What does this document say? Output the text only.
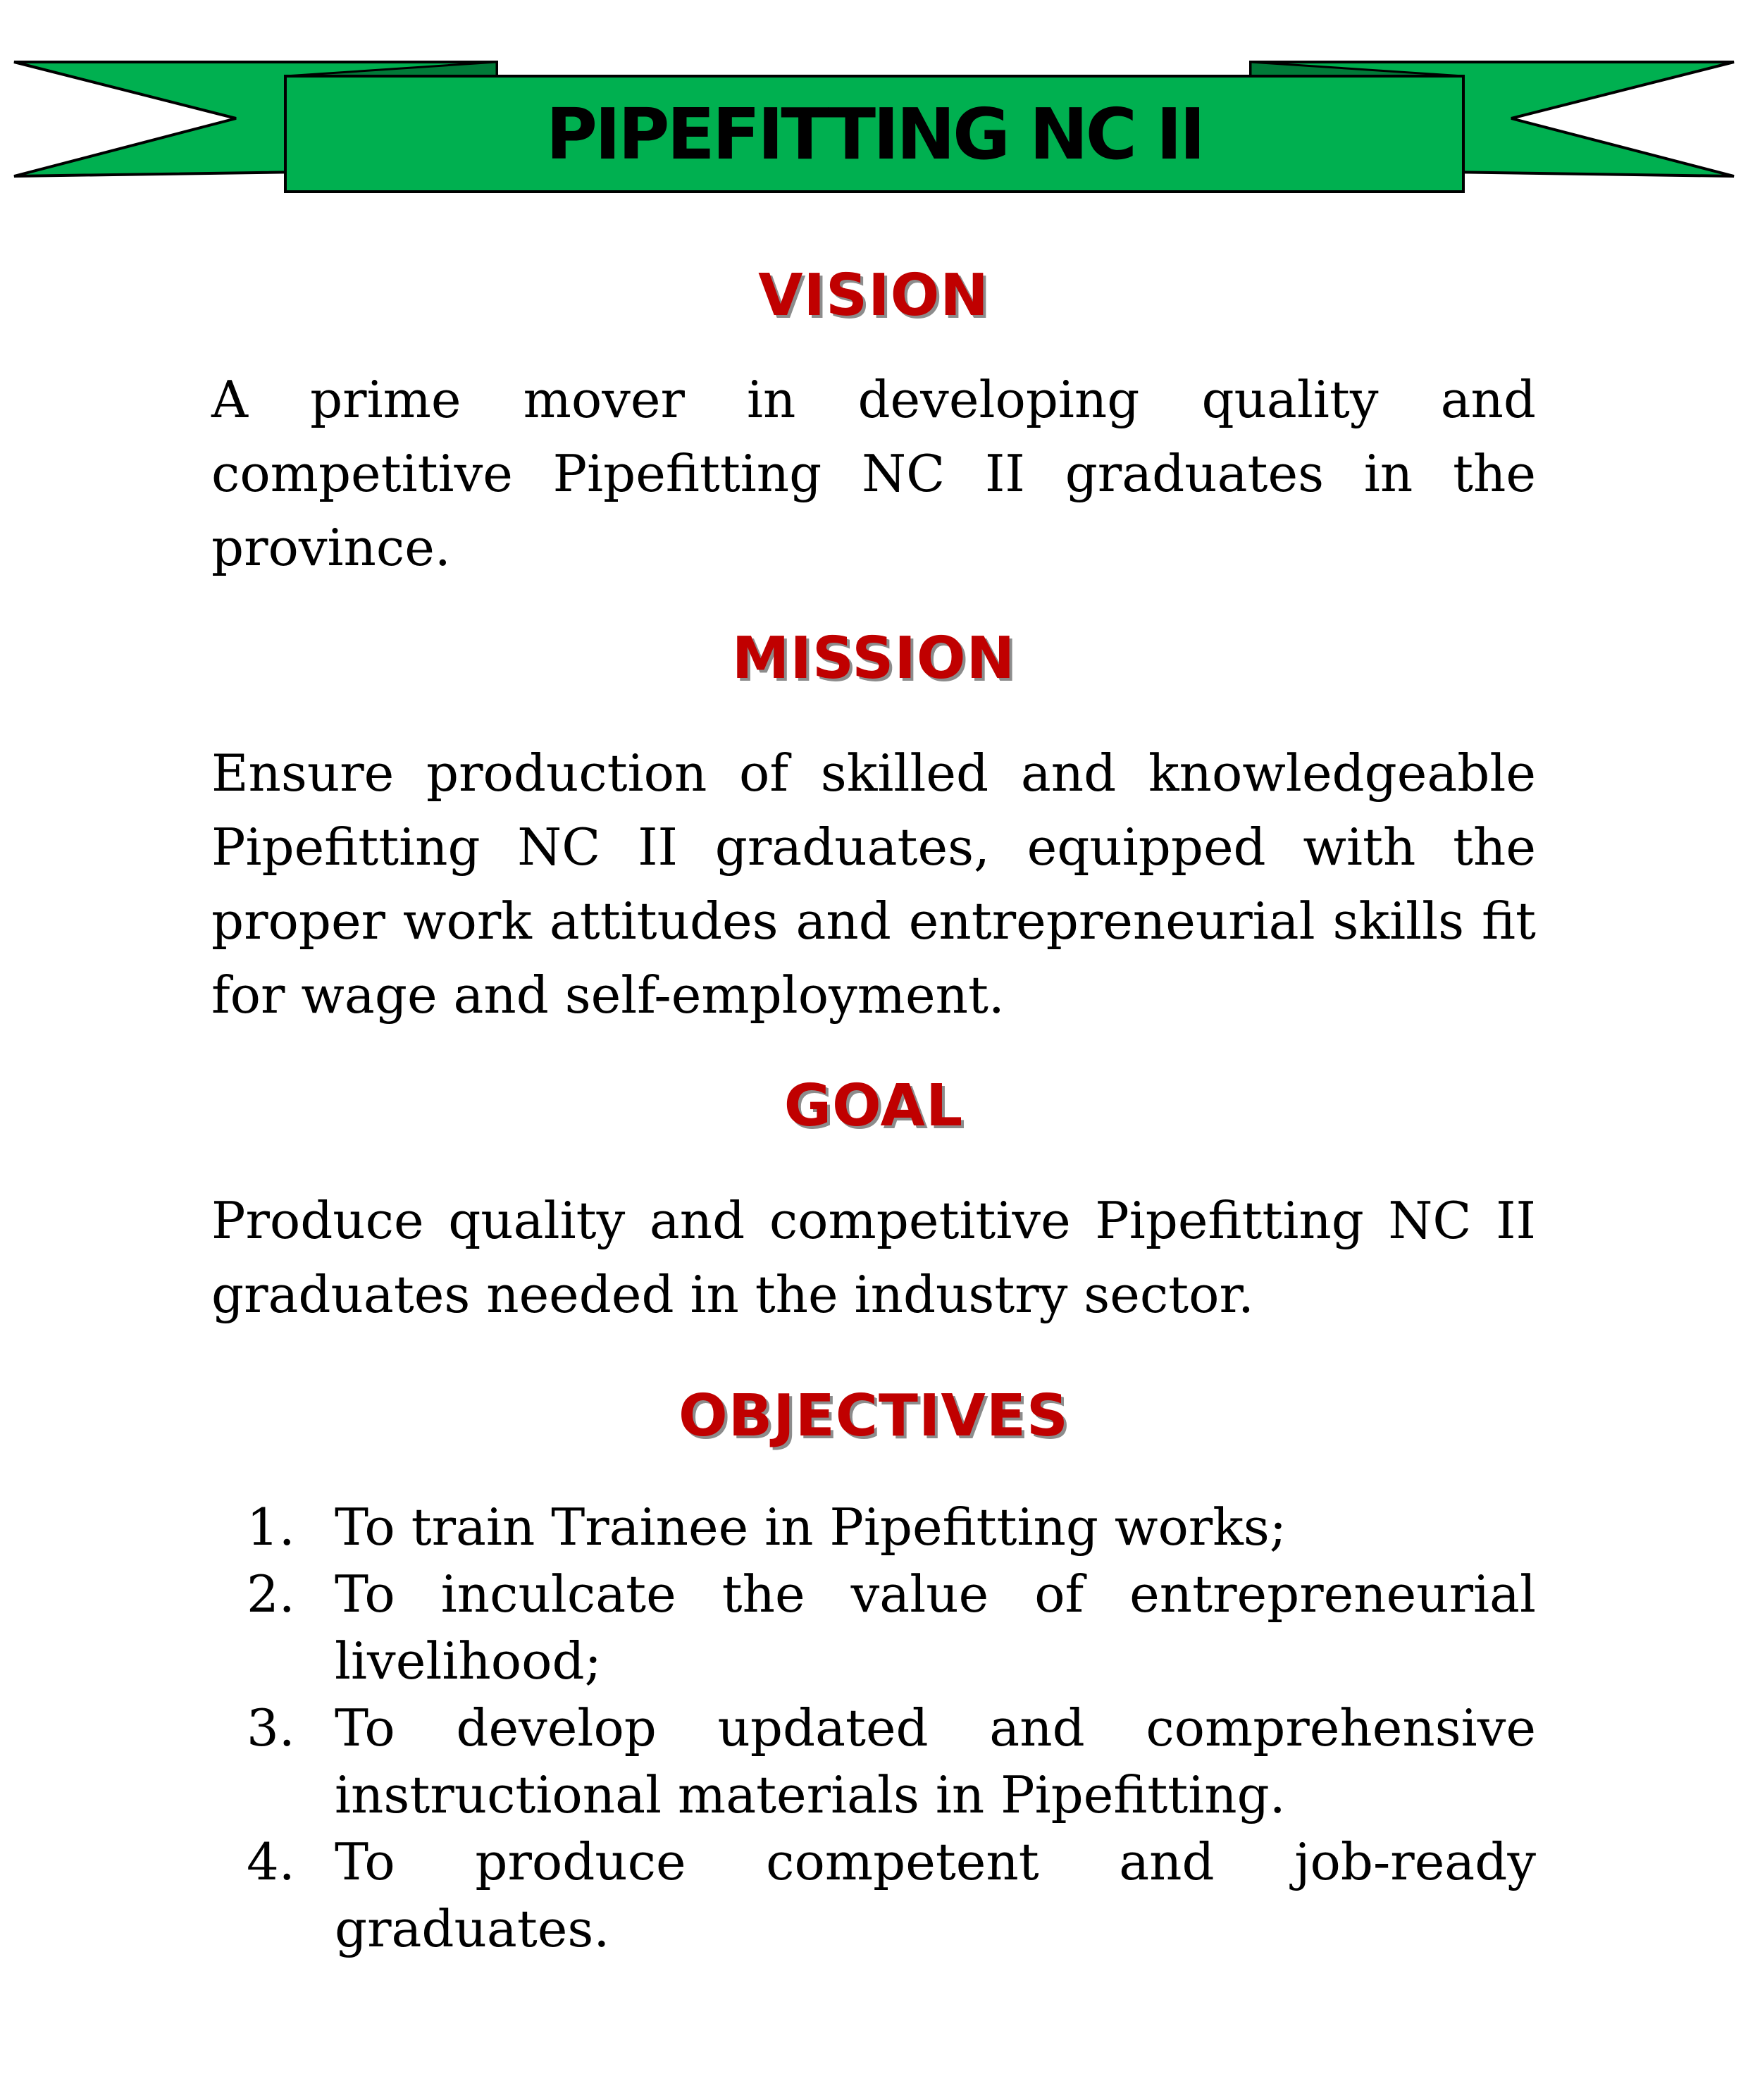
PIPEFITTING NC II
VISION

A prime mover in developing quality and competitive Pipefitting NC II graduates in the province.

MISSION

Ensure production of skilled and knowledgeable Pipefitting NC II graduates, equipped with the proper work attitudes and entrepreneurial skills fit for wage and self-employment.

GOAL

Produce quality and competitive Pipefitting NC II graduates needed in the industry sector.

OBJECTIVES
1. To train Trainee in Pipefitting works;
2. To inculcate the value of entrepreneurial livelihood;
3. To develop updated and comprehensive instructional materials in Pipefitting.
4. To produce competent and job-ready graduates.
